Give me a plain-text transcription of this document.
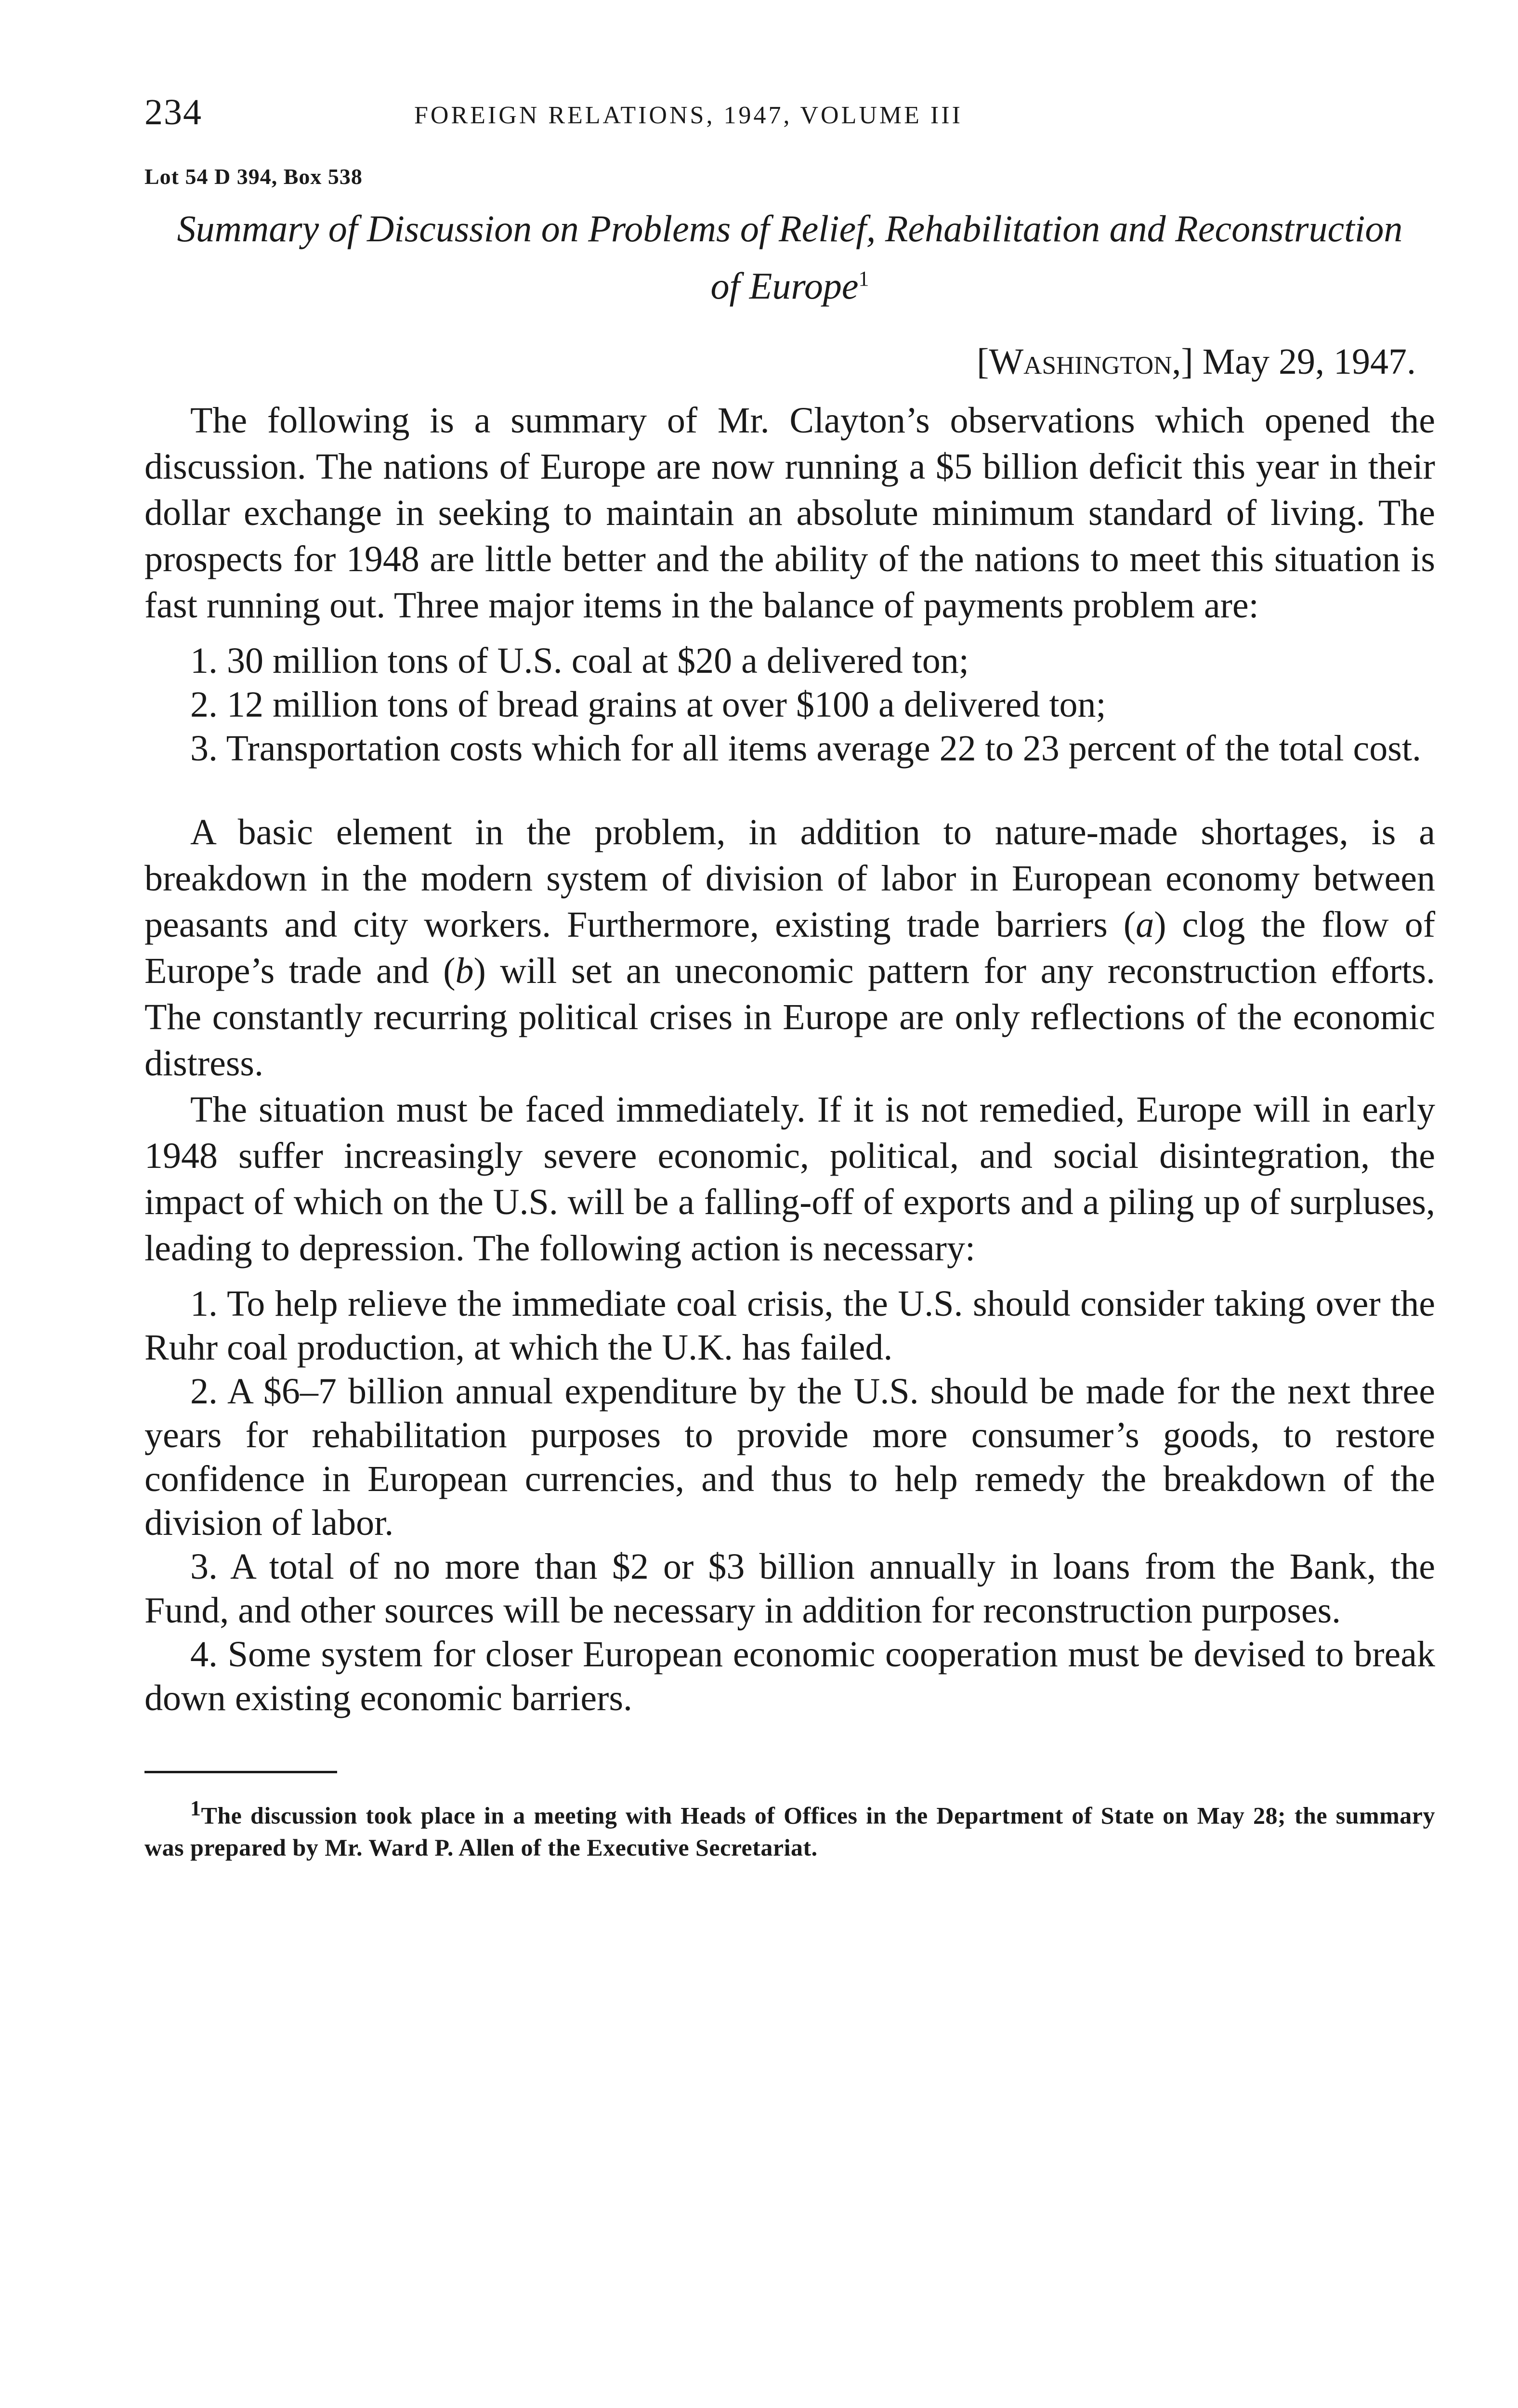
234	FOREIGN RELATIONS, 1947, VOLUME III
Lot 54 D 394, Box 538
Summary of Discussion on Problems of Relief, Rehabilitation and Reconstruction of Europe$^1$
[Washington,] May 29, 1947.

The following is a summary of Mr. Clayton’s observations which opened the discussion. The nations of Europe are now running a $5 billion deficit this year in their dollar exchange in seeking to maintain an absolute minimum standard of living. The prospects for 1948 are little better and the ability of the nations to meet this situation is fast running out. Three major items in the balance of payments problem are:

1. 30 million tons of U.S. coal at $20 a delivered ton;
2. 12 million tons of bread grains at over $100 a delivered ton;
3. Transportation costs which for all items average 22 to 23 percent of the total cost.

A basic element in the problem, in addition to nature-made shortages, is a breakdown in the modern system of division of labor in European economy between peasants and city workers. Furthermore, existing trade barriers (a) clog the flow of Europe’s trade and (b) will set an uneconomic pattern for any reconstruction efforts. The constantly recurring political crises in Europe are only reflections of the economic distress.

The situation must be faced immediately. If it is not remedied, Europe will in early 1948 suffer increasingly severe economic, political, and social disintegration, the impact of which on the U.S. will be a falling-off of exports and a piling up of surpluses, leading to depression. The following action is necessary:

1. To help relieve the immediate coal crisis, the U.S. should consider taking over the Ruhr coal production, at which the U.K. has failed.
2. A $6–7 billion annual expenditure by the U.S. should be made for the next three years for rehabilitation purposes to provide more consumer’s goods, to restore confidence in European currencies, and thus to help remedy the breakdown of the division of labor.
3. A total of no more than $2 or $3 billion annually in loans from the Bank, the Fund, and other sources will be necessary in addition for reconstruction purposes.
4. Some system for closer European economic cooperation must be devised to break down existing economic barriers.
$^1$The discussion took place in a meeting with Heads of Offices in the Department of State on May 28; the summary was prepared by Mr. Ward P. Allen of the Executive Secretariat.
